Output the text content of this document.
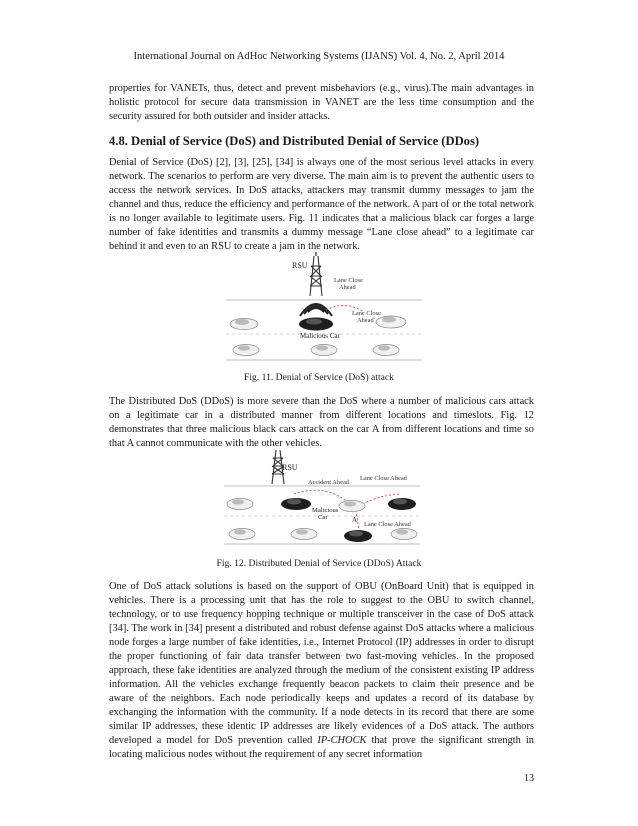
International Journal on AdHoc Networking Systems (IJANS) Vol. 4, No. 2, April 2014

properties for VANETs, thus, detect and prevent misbehaviors (e.g., virus).The main advantages in holistic protocol for secure data transmission in VANET are the less time consumption and the security assured for both outsider and insider attacks.

4.8. Denial of Service (DoS) and Distributed Denial of Service (DDos)

Denial of Service (DoS) [2], [3], [25], [34] is always one of the most serious level attacks in every network. The scenarios to perform are very diverse. The main aim is to prevent the authentic users to access the network services. In DoS attacks, attackers may transmit dummy messages to jam the channel and thus, reduce the efficiency and performance of the network. A part of or the total network is no longer available to legitimate users. Fig. 11 indicates that a malicious black car forges a large number of fake identities and transmits a dummy message “Lane close ahead” to a legitimate car behind it and even to an RSU to create a jam in the network.

RSU
Lane Close
Ahead
Lane Close
Ahead
Malicious Car
Fig. 11. Denial of Service (DoS) attack

The Distributed DoS (DDoS) is more severe than the DoS where a number of malicious cars attack on a legitimate car in a distributed manner from different locations and timeslots. Fig. 12 demonstrates that three malicious black cars attack on the car A from different locations and time so that A cannot communicate with the other vehicles.

RSU
Accident Ahead
Lane Close Ahead
Malicious
Car	A
Lane Close Ahead
Fig. 12. Distributed Denial of Service (DDoS) Attack

One of DoS attack solutions is based on the support of OBU (OnBoard Unit) that is equipped in vehicles. There is a processing unit that has the role to suggest to the OBU to switch channel, technology, or to use frequency hopping technique or multiple transceiver in the case of DoS attack [34]. The work in [34] present a distributed and robust defense against DoS attacks where a malicious node forges a large number of fake identities, i.e., Internet Protocol (IP) addresses in order to disrupt the proper functioning of fair data transfer between two fast-moving vehicles. In the proposed approach, these fake identities are analyzed through the medium of the consistent existing IP address information. All the vehicles exchange frequently beacon packets to claim their presence and be aware of the neighbors. Each node periodically keeps and updates a record of its database by exchanging the information with the community. If a node detects in its record that there are some similar IP addresses, these identic IP addresses are likely evidences of a DoS attack. The authors developed a model for DoS prevention called IP-CHOCK that prove the significant strength in locating malicious nodes without the requirement of any secret information

13
